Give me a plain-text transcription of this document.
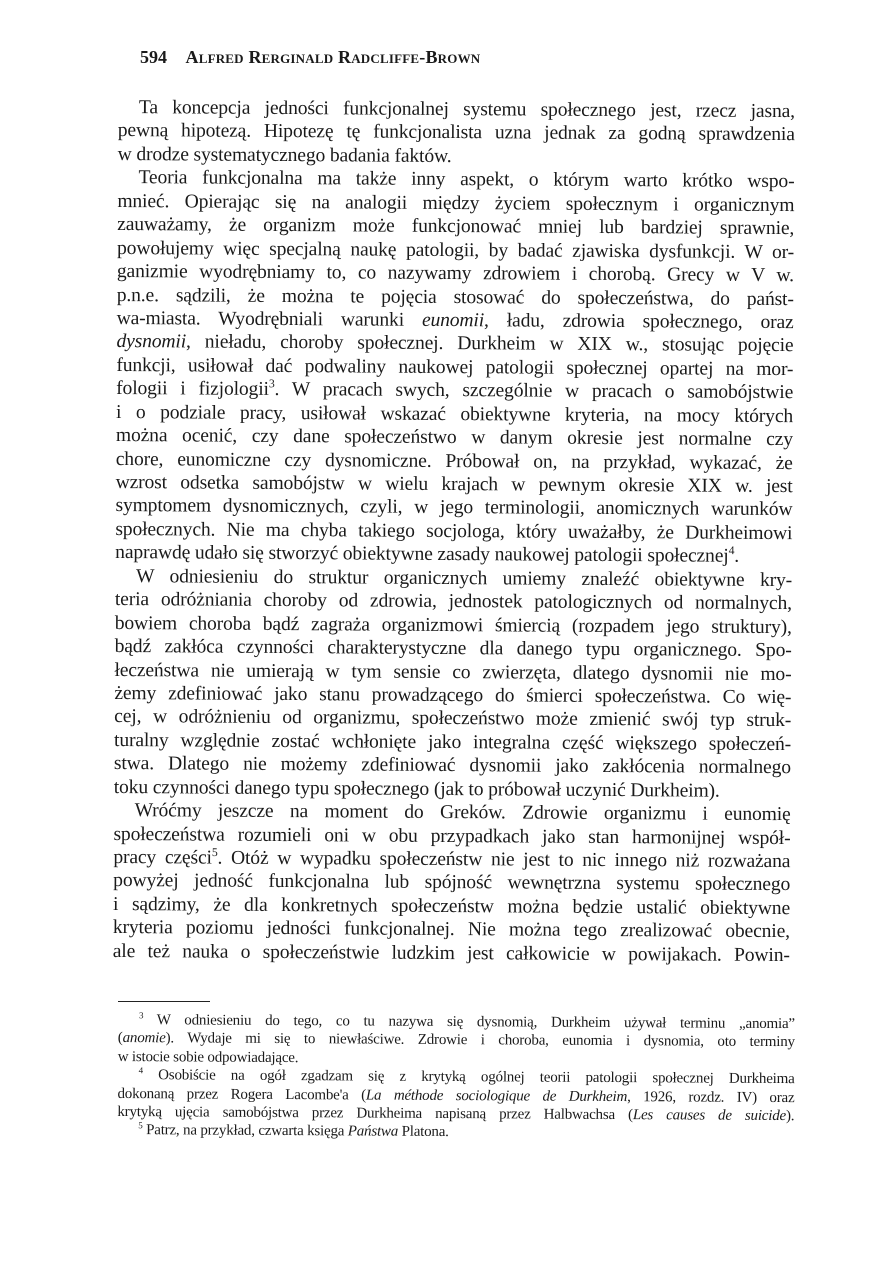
594 Alfred Rerginald Radcliffe-Brown
Ta koncepcja jedności funkcjonalnej systemu społecznego jest, rzecz jasna,
pewną hipotezą. Hipotezę tę funkcjonalista uzna jednak za godną sprawdzenia
w drodze systematycznego badania faktów.
Teoria funkcjonalna ma także inny aspekt, o którym warto krótko wspo-
mnieć. Opierając się na analogii między życiem społecznym i organicznym
zauważamy, że organizm może funkcjonować mniej lub bardziej sprawnie,
powołujemy więc specjalną naukę patologii, by badać zjawiska dysfunkcji. W or-
ganizmie wyodrębniamy to, co nazywamy zdrowiem i chorobą. Grecy w V w.
p.n.e. sądzili, że można te pojęcia stosować do społeczeństwa, do państ-
wa-miasta. Wyodrębniali warunki eunomii, ładu, zdrowia społecznego, oraz
dysnomii, nieładu, choroby społecznej. Durkheim w XIX w., stosując pojęcie
funkcji, usiłował dać podwaliny naukowej patologii społecznej opartej na mor-
fologii i fizjologii$^3$. W pracach swych, szczególnie w pracach o samobójstwie
i o podziale pracy, usiłował wskazać obiektywne kryteria, na mocy których
można ocenić, czy dane społeczeństwo w danym okresie jest normalne czy
chore, eunomiczne czy dysnomiczne. Próbował on, na przykład, wykazać, że
wzrost odsetka samobójstw w wielu krajach w pewnym okresie XIX w. jest
symptomem dysnomicznych, czyli, w jego terminologii, anomicznych warunków
społecznych. Nie ma chyba takiego socjologa, który uważałby, że Durkheimowi
naprawdę udało się stworzyć obiektywne zasady naukowej patologii społecznej$^4$.
W odniesieniu do struktur organicznych umiemy znaleźć obiektywne kry-
teria odróżniania choroby od zdrowia, jednostek patologicznych od normalnych,
bowiem choroba bądź zagraża organizmowi śmiercią (rozpadem jego struktury),
bądź zakłóca czynności charakterystyczne dla danego typu organicznego. Spo-
łeczeństwa nie umierają w tym sensie co zwierzęta, dlatego dysnomii nie mo-
żemy zdefiniować jako stanu prowadzącego do śmierci społeczeństwa. Co wię-
cej, w odróżnieniu od organizmu, społeczeństwo może zmienić swój typ struk-
turalny względnie zostać wchłonięte jako integralna część większego społeczeń-
stwa. Dlatego nie możemy zdefiniować dysnomii jako zakłócenia normalnego
toku czynności danego typu społecznego (jak to próbował uczynić Durkheim).
Wróćmy jeszcze na moment do Greków. Zdrowie organizmu i eunomię
społeczeństwa rozumieli oni w obu przypadkach jako stan harmonijnej współ-
pracy części$^5$. Otóż w wypadku społeczeństw nie jest to nic innego niż rozważana
powyżej jedność funkcjonalna lub spójność wewnętrzna systemu społecznego
i sądzimy, że dla konkretnych społeczeństw można będzie ustalić obiektywne
kryteria poziomu jedności funkcjonalnej. Nie można tego zrealizować obecnie,
ale też nauka o społeczeństwie ludzkim jest całkowicie w powijakach. Powin-
$^3$ W odniesieniu do tego, co tu nazywa się dysnomią, Durkheim używał terminu „anomia”
(anomie). Wydaje mi się to niewłaściwe. Zdrowie i choroba, eunomia i dysnomia, oto terminy
w istocie sobie odpowiadające.
$^4$ Osobiście na ogół zgadzam się z krytyką ogólnej teorii patologii społecznej Durkheima
dokonaną przez Rogera Lacombe'a (La méthode sociologique de Durkheim, 1926, rozdz. IV) oraz
krytyką ujęcia samobójstwa przez Durkheima napisaną przez Halbwachsa (Les causes de suicide).
$^5$ Patrz, na przykład, czwarta księga Państwa Platona.
